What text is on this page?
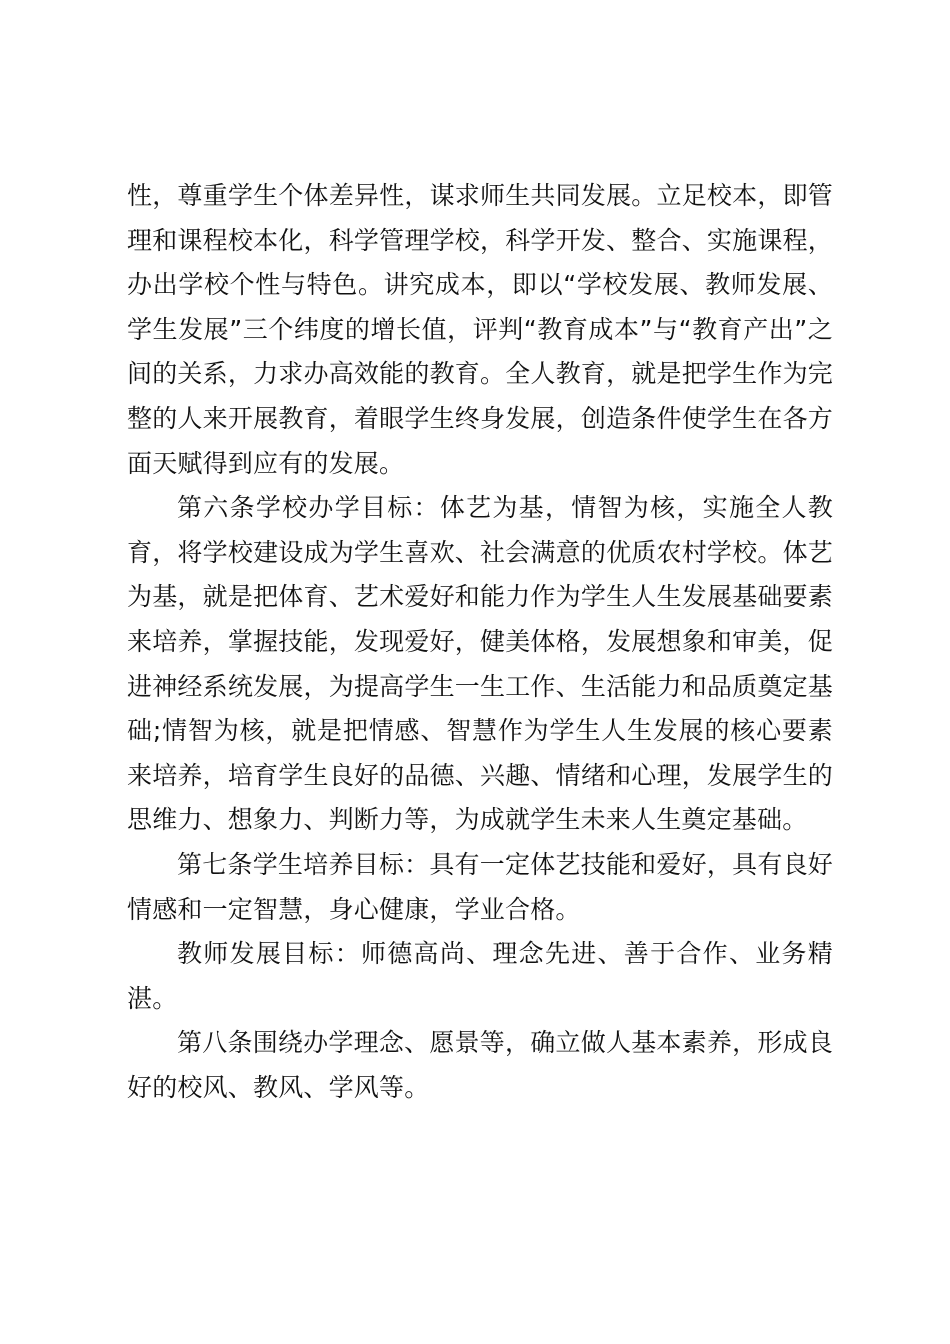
性，尊重学生个体差异性，谋求师生共同发展。立足校本，即管理和课程校本化，科学管理学校，科学开发、整合、实施课程，办出学校个性与特色。讲究成本，即以“学校发展、教师发展、学生发展”三个纬度的增长值，评判“教育成本”与“教育产出”之间的关系，力求办高效能的教育。全人教育，就是把学生作为完整的人来开展教育，着眼学生终身发展，创造条件使学生在各方面天赋得到应有的发展。

第六条学校办学目标：体艺为基，情智为核，实施全人教育，将学校建设成为学生喜欢、社会满意的优质农村学校。体艺为基，就是把体育、艺术爱好和能力作为学生人生发展基础要素来培养，掌握技能，发现爱好，健美体格，发展想象和审美，促进神经系统发展，为提高学生一生工作、生活能力和品质奠定基础;情智为核，就是把情感、智慧作为学生人生发展的核心要素来培养，培育学生良好的品德、兴趣、情绪和心理，发展学生的思维力、想象力、判断力等，为成就学生未来人生奠定基础。

第七条学生培养目标：具有一定体艺技能和爱好，具有良好情感和一定智慧，身心健康，学业合格。

教师发展目标：师德高尚、理念先进、善于合作、业务精湛。

第八条围绕办学理念、愿景等，确立做人基本素养，形成良好的校风、教风、学风等。
